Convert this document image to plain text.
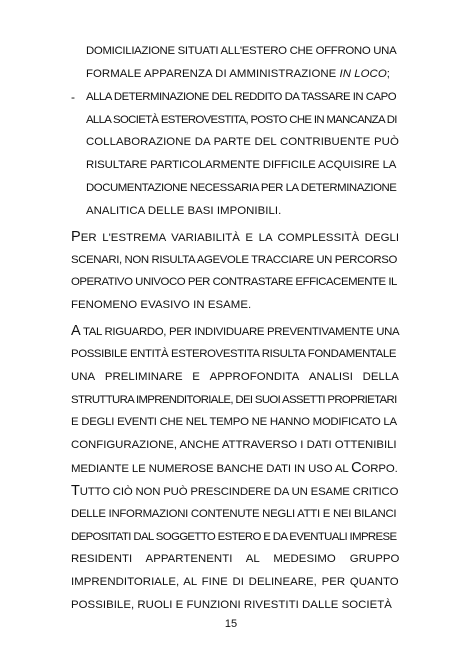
DOMICILIAZIONE SITUATI ALL'ESTERO CHE OFFRONO UNA
FORMALE APPARENZA DI AMMINISTRAZIONE IN LOCO;
- ALLA DETERMINAZIONE DEL REDDITO DA TASSARE IN CAPO
ALLA SOCIETÀ ESTEROVESTITA, POSTO CHE IN MANCANZA DI
COLLABORAZIONE DA PARTE DEL CONTRIBUENTE PUÒ
RISULTARE PARTICOLARMENTE DIFFICILE ACQUISIRE LA
DOCUMENTAZIONE NECESSARIA PER LA DETERMINAZIONE
ANALITICA DELLE BASI IMPONIBILI.
PER L'ESTREMA VARIABILITÀ E LA COMPLESSITÀ DEGLI
SCENARI, NON RISULTA AGEVOLE TRACCIARE UN PERCORSO
OPERATIVO UNIVOCO PER CONTRASTARE EFFICACEMENTE IL
FENOMENO EVASIVO IN ESAME.
A TAL RIGUARDO, PER INDIVIDUARE PREVENTIVAMENTE UNA
POSSIBILE ENTITÀ ESTEROVESTITA RISULTA FONDAMENTALE
UNA PRELIMINARE E APPROFONDITA ANALISI DELLA
STRUTTURA IMPRENDITORIALE, DEI SUOI ASSETTI PROPRIETARI
E DEGLI EVENTI CHE NEL TEMPO NE HANNO MODIFICATO LA
CONFIGURAZIONE, ANCHE ATTRAVERSO I DATI OTTENIBILI
MEDIANTE LE NUMEROSE BANCHE DATI IN USO AL CORPO.
TUTTO CIÒ NON PUÒ PRESCINDERE DA UN ESAME CRITICO
DELLE INFORMAZIONI CONTENUTE NEGLI ATTI E NEI BILANCI
DEPOSITATI DAL SOGGETTO ESTERO E DA EVENTUALI IMPRESE
RESIDENTI APPARTENENTI AL MEDESIMO GRUPPO
IMPRENDITORIALE, AL FINE DI DELINEARE, PER QUANTO
POSSIBILE, RUOLI E FUNZIONI RIVESTITI DALLE SOCIETÀ
15
